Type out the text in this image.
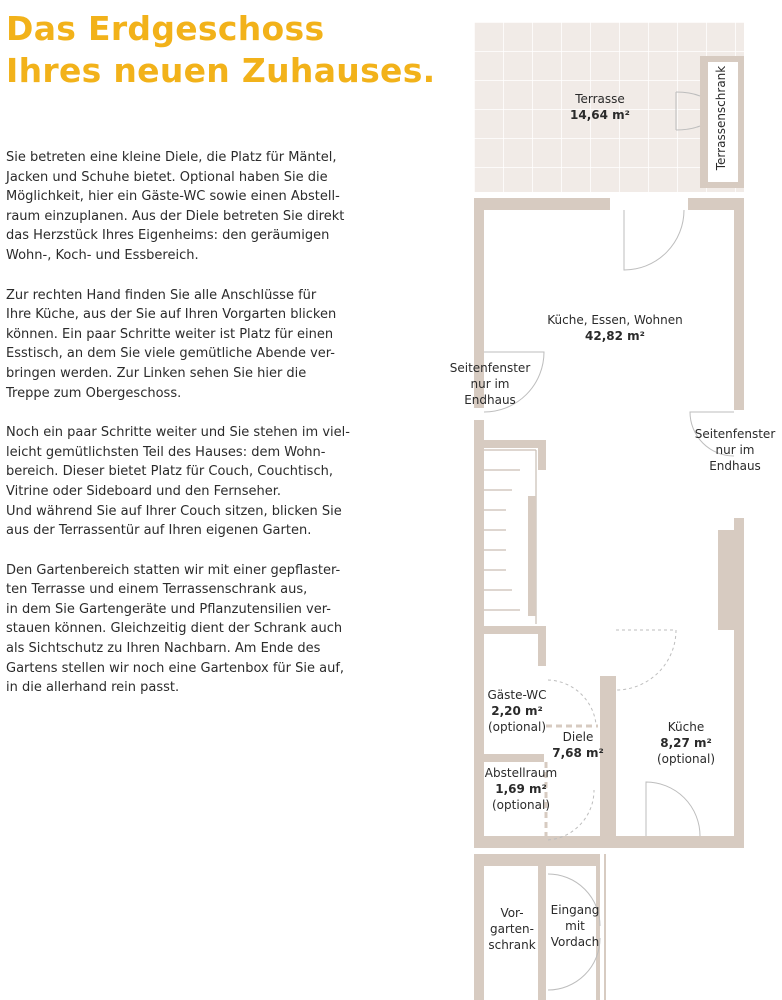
Das Erdgeschoss
Ihres neuen Zuhauses.

Sie betreten eine kleine Diele, die Platz für Mäntel,
Jacken und Schuhe bietet. Optional haben Sie die
Möglichkeit, hier ein Gäste-WC sowie einen Abstell-
raum einzuplanen. Aus der Diele betreten Sie direkt
das Herzstück Ihres Eigenheims: den geräumigen
Wohn-, Koch- und Essbereich.

Zur rechten Hand finden Sie alle Anschlüsse für
Ihre Küche, aus der Sie auf Ihren Vorgarten blicken
können. Ein paar Schritte weiter ist Platz für einen
Esstisch, an dem Sie viele gemütliche Abende ver-
bringen werden. Zur Linken sehen Sie hier die
Treppe zum Obergeschoss.

Noch ein paar Schritte weiter und Sie stehen im viel-
leicht gemütlichsten Teil des Hauses: dem Wohn-
bereich. Dieser bietet Platz für Couch, Couchtisch,
Vitrine oder Sideboard und den Fernseher.
Und während Sie auf Ihrer Couch sitzen, blicken Sie
aus der Terrassentür auf Ihren eigenen Garten.

Den Gartenbereich statten wir mit einer gepflaster-
ten Terrasse und einem Terrassenschrank aus,
in dem Sie Gartengeräte und Pflanzutensilien ver-
stauen können. Gleichzeitig dient der Schrank auch
als Sichtschutz zu Ihren Nachbarn. Am Ende des
Gartens stellen wir noch eine Gartenbox für Sie auf,
in die allerhand rein passt.

Terrasse
14,64 m²	Terrassenschrank
Küche, Essen, Wohnen
42,82 m²
Seitenfenster
nur im
Endhaus
Seitenfenster
nur im
Endhaus
Gäste-WC
2,20 m²
(optional)
Diele
7,68 m²
Abstellraum
1,69 m²
(optional)
Küche
8,27 m²
(optional)
Vor-
garten-
schrank
Eingang
mit
Vordach
